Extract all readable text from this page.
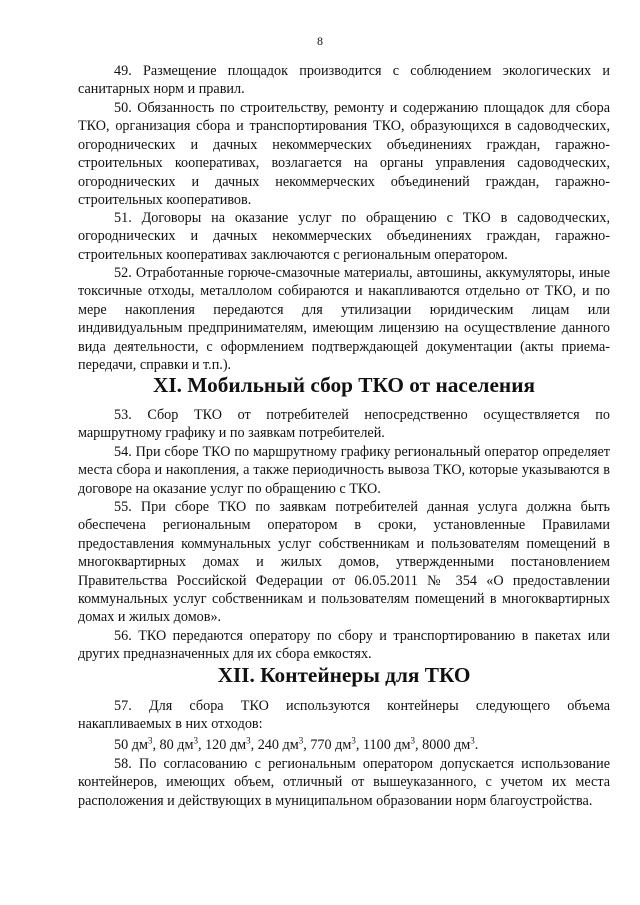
8

49. Размещение площадок производится с соблюдением экологических и санитарных норм и правил.

50. Обязанность по строительству, ремонту и содержанию площадок для сбора ТКО, организация сбора и транспортирования ТКО, образующихся в садоводческих, огороднических и дачных некоммерческих объединениях граждан, гаражно-строительных кооперативах, возлагается на органы управления садоводческих, огороднических и дачных некоммерческих объединений граждан, гаражно-строительных кооперативов.

51. Договоры на оказание услуг по обращению с ТКО в садоводческих, огороднических и дачных некоммерческих объединениях граждан, гаражно-строительных кооперативах заключаются с региональным оператором.

52. Отработанные горюче-смазочные материалы, автошины, аккумуляторы, иные токсичные отходы, металлолом собираются и накапливаются отдельно от ТКО, и по мере накопления передаются для утилизации юридическим лицам или индивидуальным предпринимателям, имеющим лицензию на осуществление данного вида деятельности, с оформлением подтверждающей документации (акты приема-передачи, справки и т.п.).

XI. Мобильный сбор ТКО от населения

53. Сбор ТКО от потребителей непосредственно осуществляется по маршрутному графику и по заявкам потребителей.

54. При сборе ТКО по маршрутному графику региональный оператор определяет места сбора и накопления, а также периодичность вывоза ТКО, которые указываются в договоре на оказание услуг по обращению с ТКО.

55. При сборе ТКО по заявкам потребителей данная услуга должна быть обеспечена региональным оператором в сроки, установленные Правилами предоставления коммунальных услуг собственникам и пользователям помещений в многоквартирных домах и жилых домов, утвержденными постановлением Правительства Российской Федерации от 06.05.2011 № 354 «О предоставлении коммунальных услуг собственникам и пользователям помещений в многоквартирных домах и жилых домов».

56. ТКО передаются оператору по сбору и транспортированию в пакетах или других предназначенных для их сбора емкостях.

XII. Контейнеры для ТКО

57. Для сбора ТКО используются контейнеры следующего объема накапливаемых в них отходов:

50 $дм^3$, 80 $дм^3$, 120 $дм^3$, 240 $дм^3$, 770 $дм^3$, 1100 $дм^3$, 8000 $дм^3$.

58. По согласованию с региональным оператором допускается использование контейнеров, имеющих объем, отличный от вышеуказанного, с учетом их места расположения и действующих в муниципальном образовании норм благоустройства.
